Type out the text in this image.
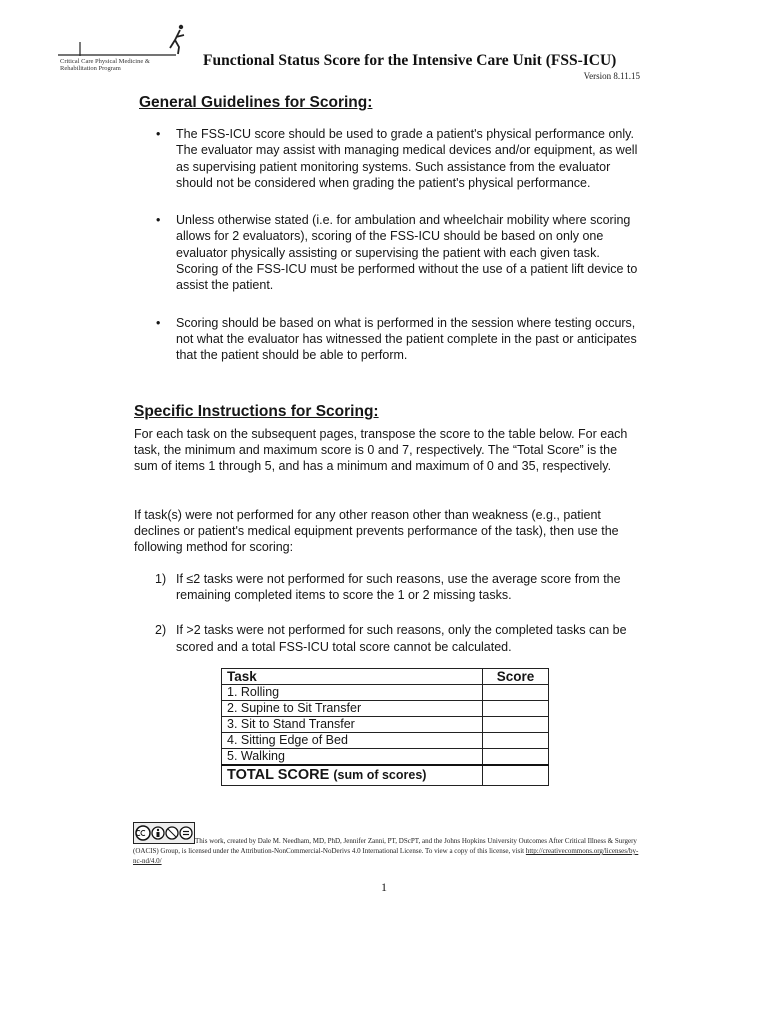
Critical Care Physical Medicine &
Rehabilitation Program	Functional Status Score for the Intensive Care Unit (FSS-ICU)
Version 8.11.15
General Guidelines for Scoring:
• The FSS-ICU score should be used to grade a patient's physical performance only. The evaluator may assist with managing medical devices and/or equipment, as well as supervising patient monitoring systems. Such assistance from the evaluator should not be considered when grading the patient's physical performance.
• Unless otherwise stated (i.e. for ambulation and wheelchair mobility where scoring allows for 2 evaluators), scoring of the FSS-ICU should be based on only one evaluator physically assisting or supervising the patient with each given task. Scoring of the FSS-ICU must be performed without the use of a patient lift device to assist the patient.
• Scoring should be based on what is performed in the session where testing occurs, not what the evaluator has witnessed the patient complete in the past or anticipates that the patient should be able to perform.
Specific Instructions for Scoring:

For each task on the subsequent pages, transpose the score to the table below. For each task, the minimum and maximum score is 0 and 7, respectively. The “Total Score” is the sum of items 1 through 5, and has a minimum and maximum of 0 and 35, respectively.

If task(s) were not performed for any other reason other than weakness (e.g., patient declines or patient's medical equipment prevents performance of the task), then use the following method for scoring:

1) If ≤2 tasks were not performed for such reasons, use the average score from the remaining completed items to score the 1 or 2 missing tasks.
2) If >2 tasks were not performed for such reasons, only the completed tasks can be scored and a total FSS-ICU total score cannot be calculated.
Task	Score
1. Rolling	
2. Supine to Sit Transfer	
3. Sit to Stand Transfer	
4. Sitting Edge of Bed	
5. Walking	
TOTAL SCORE (sum of scores)	
This work, created by Dale M. Needham, MD, PhD, Jennifer Zanni, PT, DScPT, and the Johns Hopkins University Outcomes After Critical Illness & Surgery (OACIS) Group, is licensed under the Attribution-NonCommercial-NoDerivs 4.0 International License. To view a copy of this license, visit http://creativecommons.org/licenses/by-nc-nd/4.0/
1
